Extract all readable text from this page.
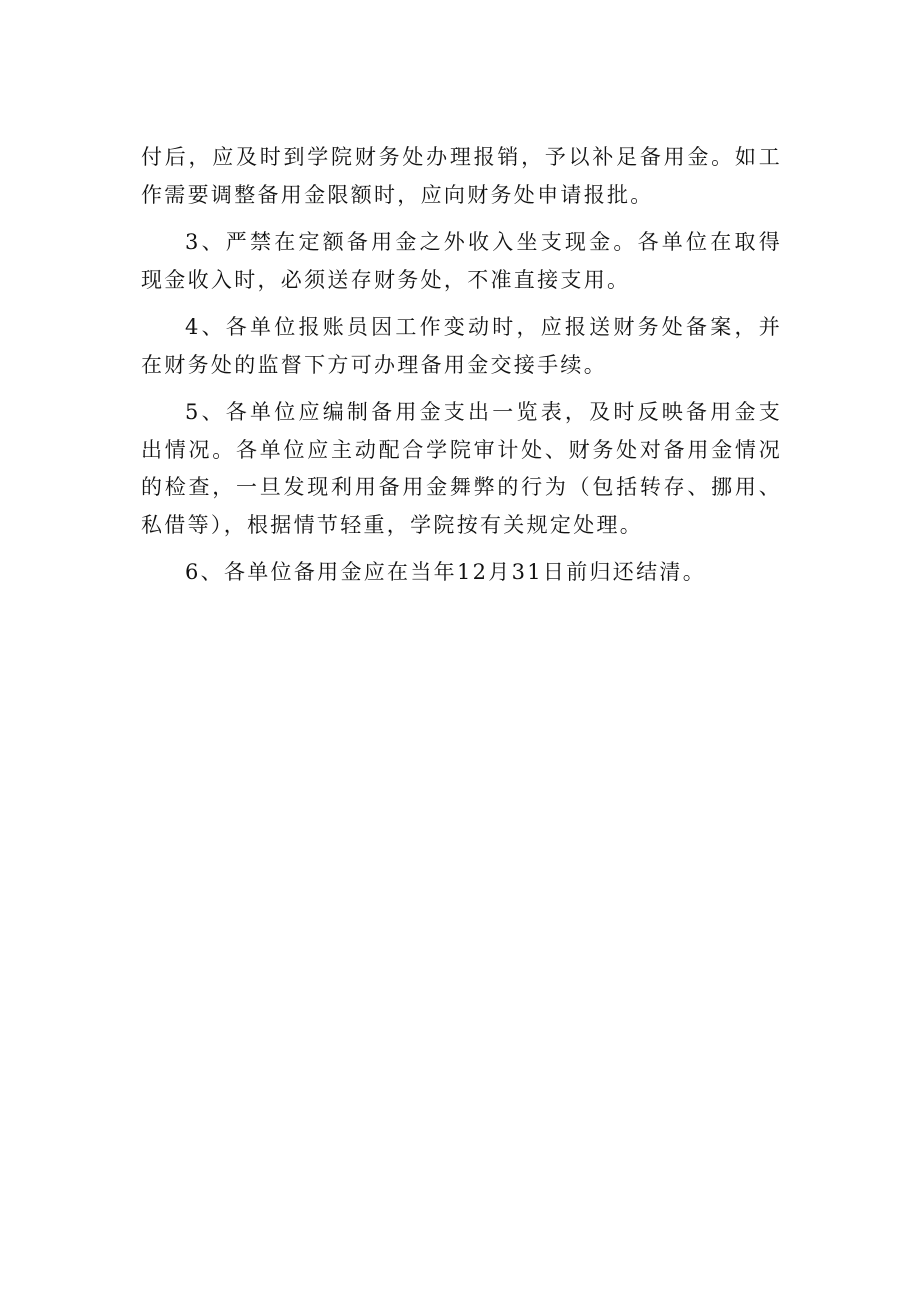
付后，应及时到学院财务处办理报销，予以补足备用金。如工作需要调整备用金限额时，应向财务处申请报批。

3、严禁在定额备用金之外收入坐支现金。各单位在取得现金收入时，必须送存财务处，不准直接支用。

4、各单位报账员因工作变动时，应报送财务处备案，并在财务处的监督下方可办理备用金交接手续。

5、各单位应编制备用金支出一览表，及时反映备用金支出情况。各单位应主动配合学院审计处、财务处对备用金情况的检查，一旦发现利用备用金舞弊的行为（包括转存、挪用、私借等），根据情节轻重，学院按有关规定处理。

6、各单位备用金应在当年12月31日前归还结清。
